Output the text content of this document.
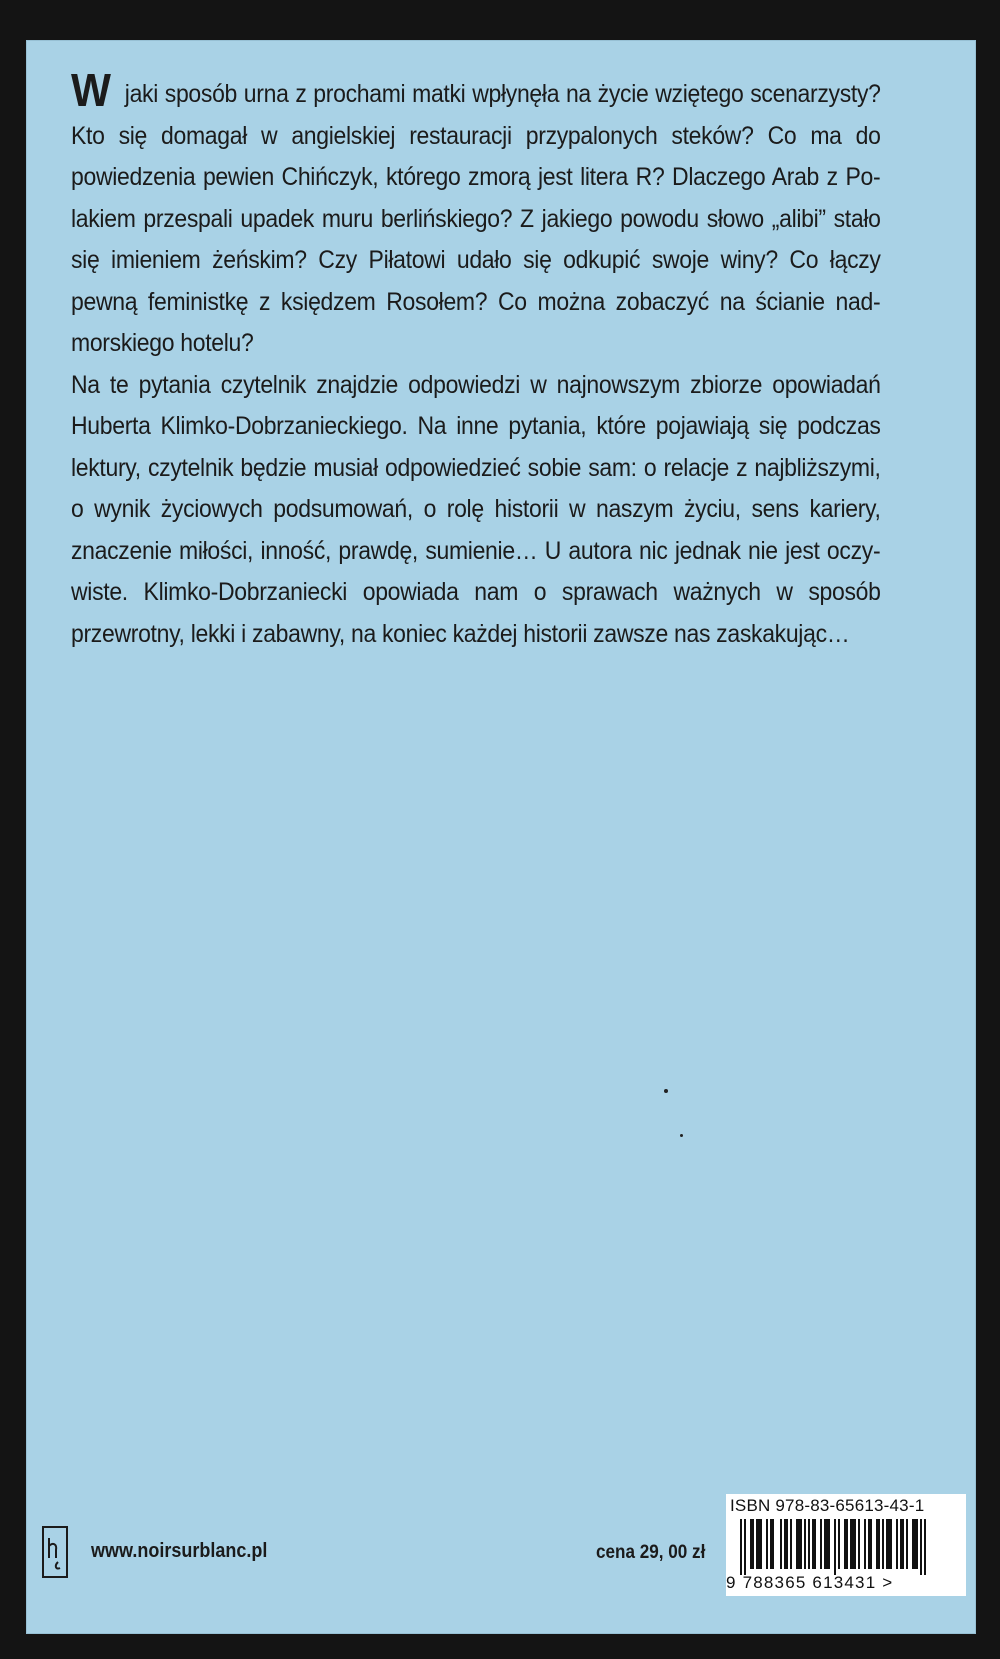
W jaki sposób urna z prochami matki wpłynęła na życie wziętego scenarzysty? Kto się domagał w angielskiej restauracji przypalonych steków? Co ma do powiedzenia pewien Chińczyk, którego zmorą jest litera R? Dlaczego Arab z Polakiem przespali upadek muru berlińskiego? Z jakiego powodu słowo „alibi” stało się imieniem żeńskim? Czy Piłatowi udało się odkupić swoje winy? Co łączy pewną feministkę z księdzem Rosołem? Co można zobaczyć na ścianie nadmorskiego hotelu?

Na te pytania czytelnik znajdzie odpowiedzi w najnowszym zbiorze opowiadań Huberta Klimko-Dobrzanieckiego. Na inne pytania, które pojawiają się podczas lektury, czytelnik będzie musiał odpowiedzieć sobie sam: o relacje z najbliższymi, o wynik życiowych podsumowań, o rolę historii w naszym życiu, sens kariery, znaczenie miłości, inność, prawdę, sumienie… U autora nic jednak nie jest oczywiste. Klimko-Dobrzaniecki opowiada nam o sprawach ważnych w sposób przewrotny, lekki i zabawny, na koniec każdej historii zawsze nas zaskakując…

www.noirsurblanc.pl	cena 29, 00 zł
ISBN 978-83-65613-43-1
9 788365 613431 >
